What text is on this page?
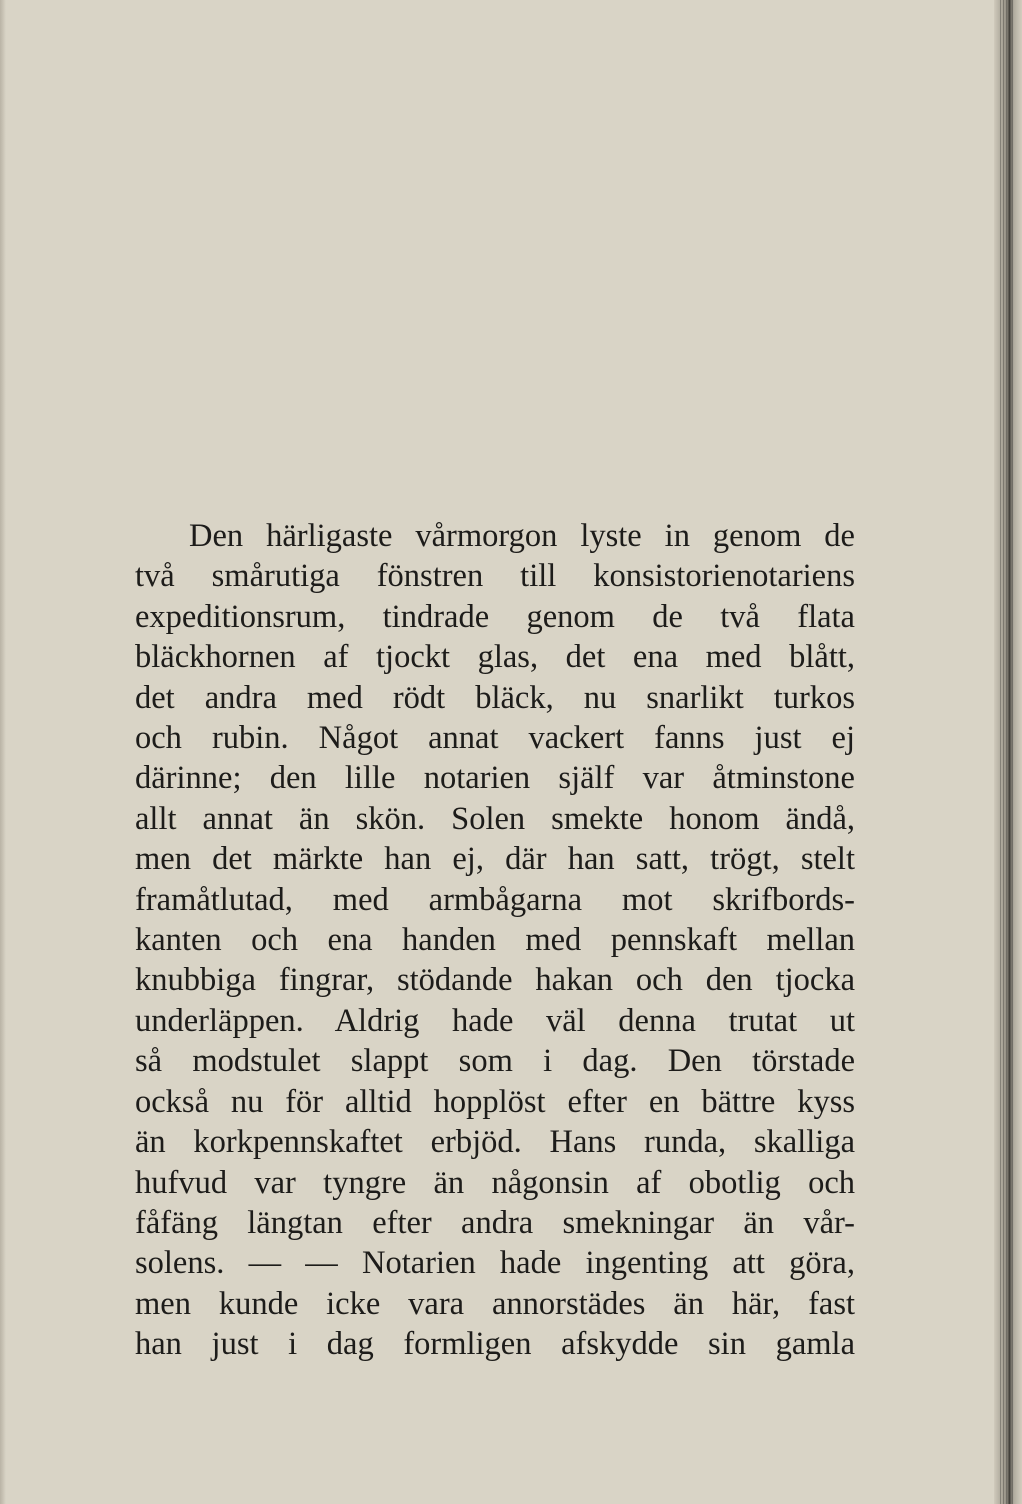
Den härligaste vårmorgon lyste in genom de
två smårutiga fönstren till konsistorienotariens
expeditionsrum, tindrade genom de två flata
bläckhornen af tjockt glas, det ena med blått,
det andra med rödt bläck, nu snarlikt turkos
och rubin. Något annat vackert fanns just ej
därinne; den lille notarien själf var åtminstone
allt annat än skön. Solen smekte honom ändå,
men det märkte han ej, där han satt, trögt, stelt
framåtlutad, med armbågarna mot skrifbords-
kanten och ena handen med pennskaft mellan
knubbiga fingrar, stödande hakan och den tjocka
underläppen. Aldrig hade väl denna trutat ut
så modstulet slappt som i dag. Den törstade
också nu för alltid hopplöst efter en bättre kyss
än korkpennskaftet erbjöd. Hans runda, skalliga
hufvud var tyngre än någonsin af obotlig och
fåfäng längtan efter andra smekningar än vår-
solens. — — Notarien hade ingenting att göra,
men kunde icke vara annorstädes än här, fast
han just i dag formligen afskydde sin gamla
